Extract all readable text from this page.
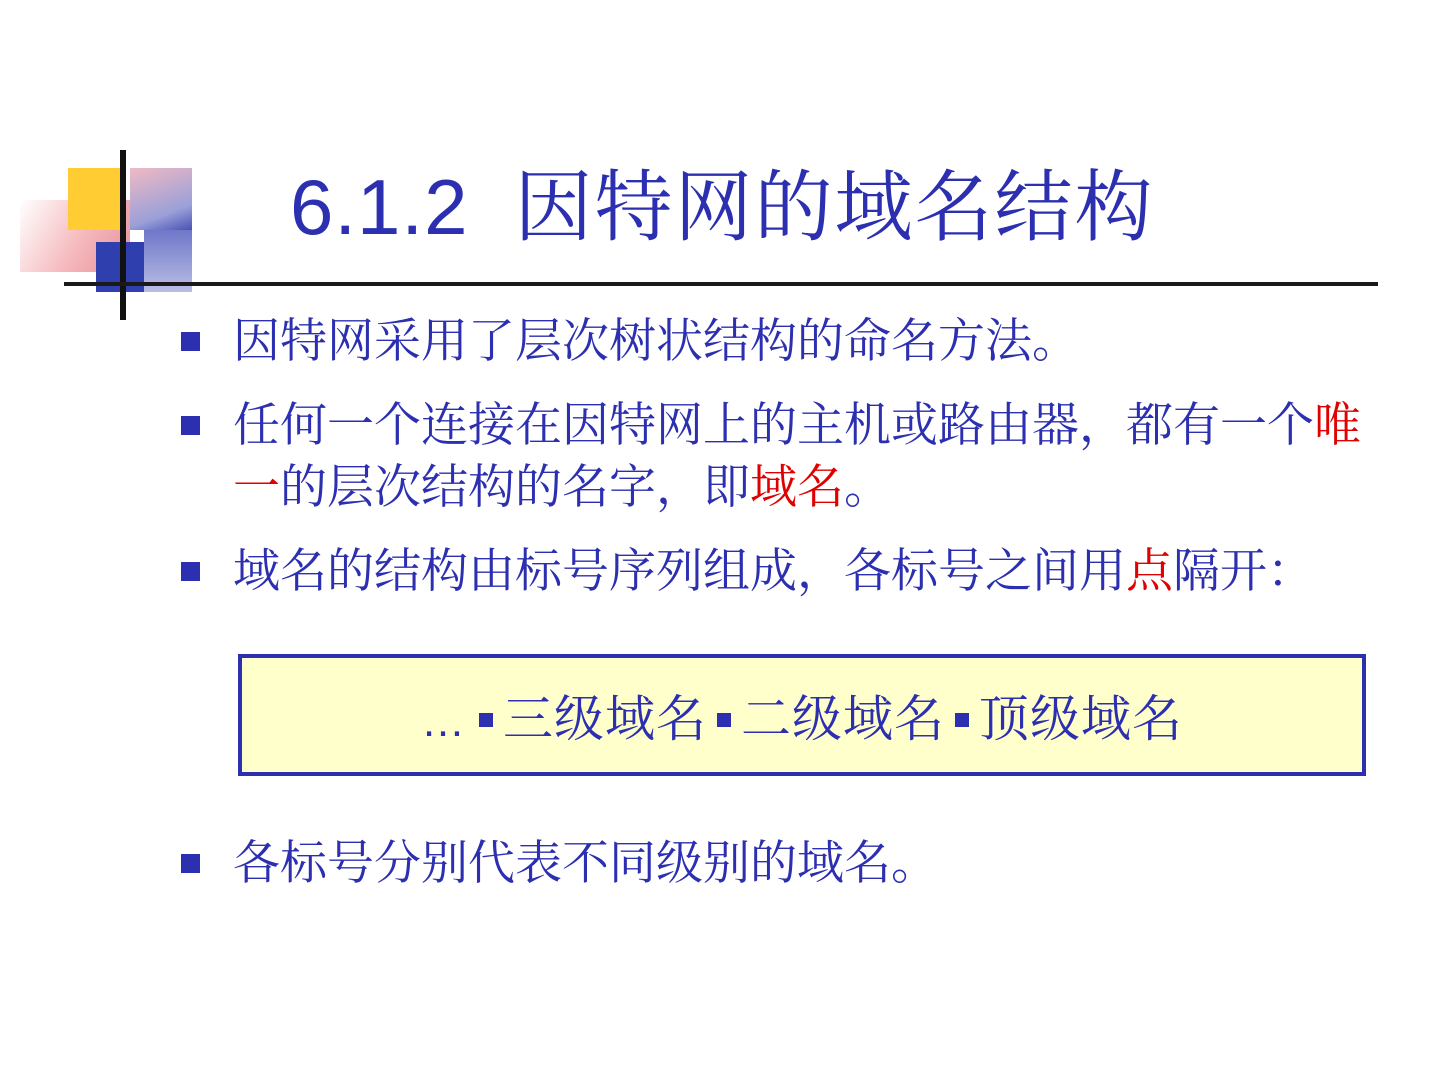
6.1.2 因特网的域名结构
因特网采用了层次树状结构的命名方法。
任何一个连接在因特网上的主机或路由器，都有一个唯一的层次结构的名字，即域名。
域名的结构由标号序列组成，各标号之间用点隔开：
各标号分别代表不同级别的域名。
… 三级域名 二级域名 顶级域名
